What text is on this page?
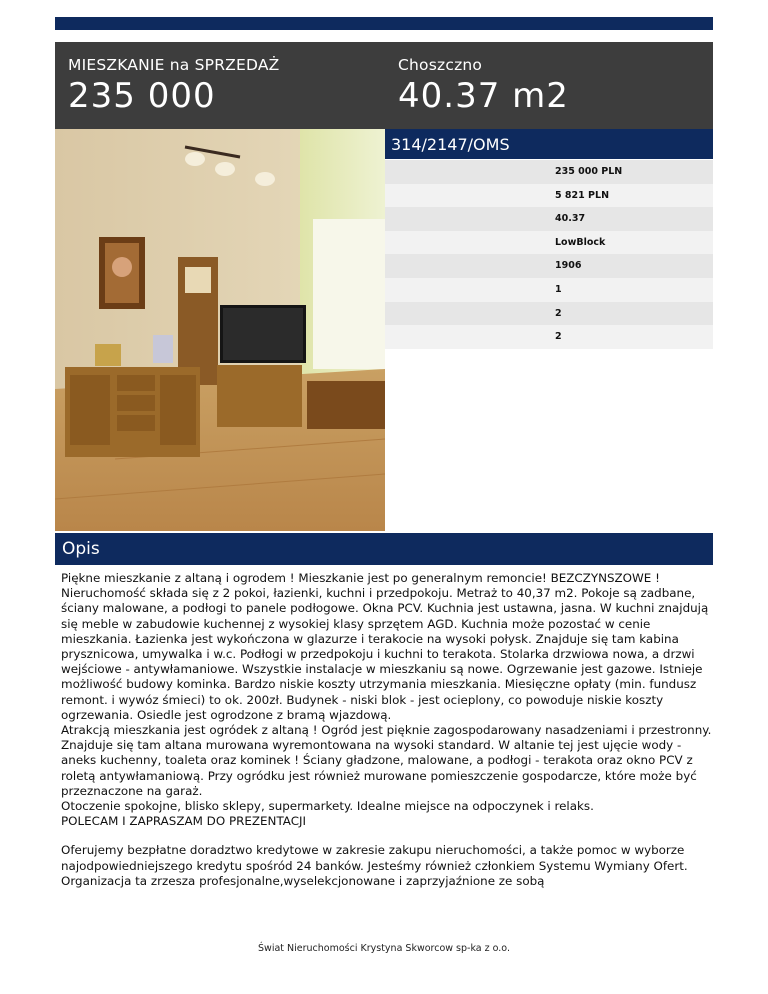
MIESZKANIE na SPRZEDAŻ
235 000
Choszczno
40.37 m2
314/2147/OMS
235 000 PLN
5 821 PLN
40.37
LowBlock
1906
1
2
2
Opis

Piękne mieszkanie z altaną i ogrodem ! Mieszkanie jest po generalnym remoncie! BEZCZYNSZOWE ! Nieruchomość składa się z 2 pokoi, łazienki, kuchni i przedpokoju. Metraż to 40,37 m2. Pokoje są zadbane, ściany malowane, a podłogi to panele podłogowe. Okna PCV. Kuchnia jest ustawna, jasna. W kuchni znajdują się meble w zabudowie kuchennej z wysokiej klasy sprzętem AGD. Kuchnia może pozostać w cenie mieszkania. Łazienka jest wykończona w glazurze i terakocie na wysoki połysk. Znajduje się tam kabina prysznicowa, umywalka i w.c. Podłogi w przedpokoju i kuchni to terakota. Stolarka drzwiowa nowa, a drzwi wejściowe - antywłamaniowe. Wszystkie instalacje w mieszkaniu są nowe. Ogrzewanie jest gazowe. Istnieje możliwość budowy kominka. Bardzo niskie koszty utrzymania mieszkania. Miesięczne opłaty (min. fundusz remont. i wywóz śmieci) to ok. 200zł. Budynek - niski blok - jest ocieplony, co powoduje niskie koszty ogrzewania. Osiedle jest ogrodzone z bramą wjazdową.
Atrakcją mieszkania jest ogródek z altaną ! Ogród jest pięknie zagospodarowany nasadzeniami i przestronny. Znajduje się tam altana murowana wyremontowana na wysoki standard. W altanie tej jest ujęcie wody - aneks kuchenny, toaleta oraz kominek ! Ściany gładzone, malowane, a podłogi - terakota oraz okno PCV z roletą antywłamaniową. Przy ogródku jest również murowane pomieszczenie gospodarcze, które może być przeznaczone na garaż.
Otoczenie spokojne, blisko sklepy, supermarkety. Idealne miejsce na odpoczynek i relaks.
POLECAM I ZAPRASZAM DO PREZENTACJI

Oferujemy bezpłatne doradztwo kredytowe w zakresie zakupu nieruchomości, a także pomoc w wyborze najodpowiedniejszego kredytu spośród 24 banków. Jesteśmy również członkiem Systemu Wymiany Ofert. Organizacja ta zrzesza profesjonalne,wyselekcjonowane i zaprzyjaźnione ze sobą

Świat Nieruchomości Krystyna Skworcow sp-ka z o.o.
